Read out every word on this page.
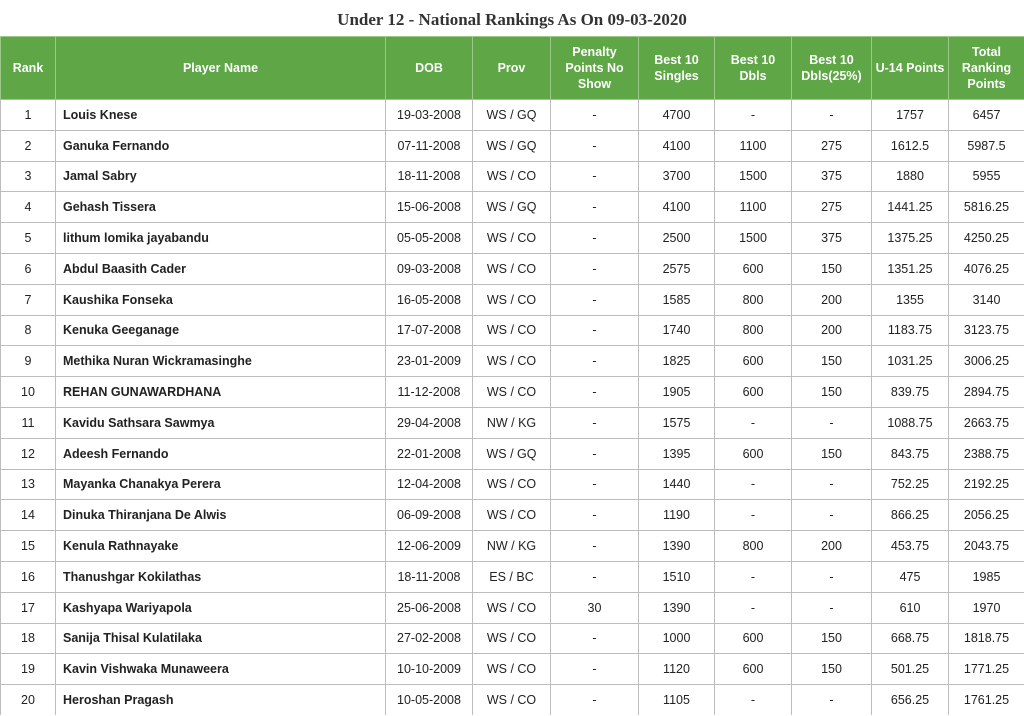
Under 12 - National Rankings As On 09-03-2020
Rank	Player Name	DOB	Prov	Penalty Points No Show	Best 10 Singles	Best 10 Dbls	Best 10 Dbls(25%)	U-14 Points	Total Ranking Points
1	Louis Knese	19-03-2008	WS / GQ	-	4700	-	-	1757	6457
2	Ganuka Fernando	07-11-2008	WS / GQ	-	4100	1100	275	1612.5	5987.5
3	Jamal Sabry	18-11-2008	WS / CO	-	3700	1500	375	1880	5955
4	Gehash Tissera	15-06-2008	WS / GQ	-	4100	1100	275	1441.25	5816.25
5	lithum lomika jayabandu	05-05-2008	WS / CO	-	2500	1500	375	1375.25	4250.25
6	Abdul Baasith Cader	09-03-2008	WS / CO	-	2575	600	150	1351.25	4076.25
7	Kaushika Fonseka	16-05-2008	WS / CO	-	1585	800	200	1355	3140
8	Kenuka Geeganage	17-07-2008	WS / CO	-	1740	800	200	1183.75	3123.75
9	Methika Nuran Wickramasinghe	23-01-2009	WS / CO	-	1825	600	150	1031.25	3006.25
10	REHAN GUNAWARDHANA	11-12-2008	WS / CO	-	1905	600	150	839.75	2894.75
11	Kavidu Sathsara Sawmya	29-04-2008	NW / KG	-	1575	-	-	1088.75	2663.75
12	Adeesh Fernando	22-01-2008	WS / GQ	-	1395	600	150	843.75	2388.75
13	Mayanka Chanakya Perera	12-04-2008	WS / CO	-	1440	-	-	752.25	2192.25
14	Dinuka Thiranjana De Alwis	06-09-2008	WS / CO	-	1190	-	-	866.25	2056.25
15	Kenula Rathnayake	12-06-2009	NW / KG	-	1390	800	200	453.75	2043.75
16	Thanushgar Kokilathas	18-11-2008	ES / BC	-	1510	-	-	475	1985
17	Kashyapa Wariyapola	25-06-2008	WS / CO	30	1390	-	-	610	1970
18	Sanija Thisal Kulatilaka	27-02-2008	WS / CO	-	1000	600	150	668.75	1818.75
19	Kavin Vishwaka Munaweera	10-10-2009	WS / CO	-	1120	600	150	501.25	1771.25
20	Heroshan Pragash	10-05-2008	WS / CO	-	1105	-	-	656.25	1761.25
